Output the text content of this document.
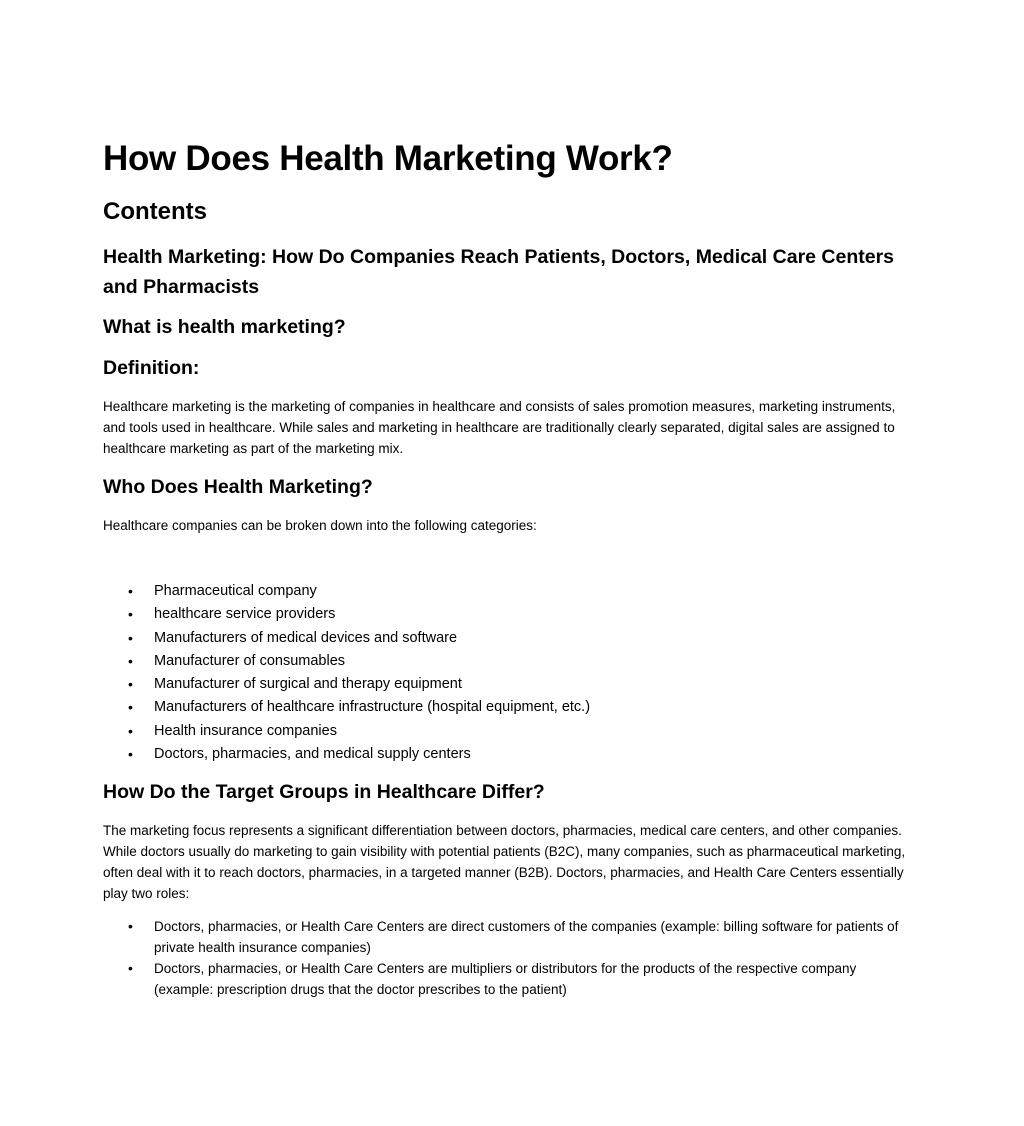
How Does Health Marketing Work?
Contents
Health Marketing: How Do Companies Reach Patients, Doctors, Medical Care Centers and Pharmacists
What is health marketing?
Definition:

Healthcare marketing is the marketing of companies in healthcare and consists of sales promotion measures, marketing instruments, and tools used in healthcare. While sales and marketing in healthcare are traditionally clearly separated, digital sales are assigned to healthcare marketing as part of the marketing mix.

Who Does Health Marketing?

Healthcare companies can be broken down into the following categories:

• Pharmaceutical company
• healthcare service providers
• Manufacturers of medical devices and software
• Manufacturer of consumables
• Manufacturer of surgical and therapy equipment
• Manufacturers of healthcare infrastructure (hospital equipment, etc.)
• Health insurance companies
• Doctors, pharmacies, and medical supply centers
How Do the Target Groups in Healthcare Differ?

The marketing focus represents a significant differentiation between doctors, pharmacies, medical care centers, and other companies. While doctors usually do marketing to gain visibility with potential patients (B2C), many companies, such as pharmaceutical marketing, often deal with it to reach doctors, pharmacies, in a targeted manner (B2B). Doctors, pharmacies, and Health Care Centers essentially play two roles:

• Doctors, pharmacies, or Health Care Centers are direct customers of the companies (example: billing software for patients of private health insurance companies)
• Doctors, pharmacies, or Health Care Centers are multipliers or distributors for the products of the respective company (example: prescription drugs that the doctor prescribes to the patient)
